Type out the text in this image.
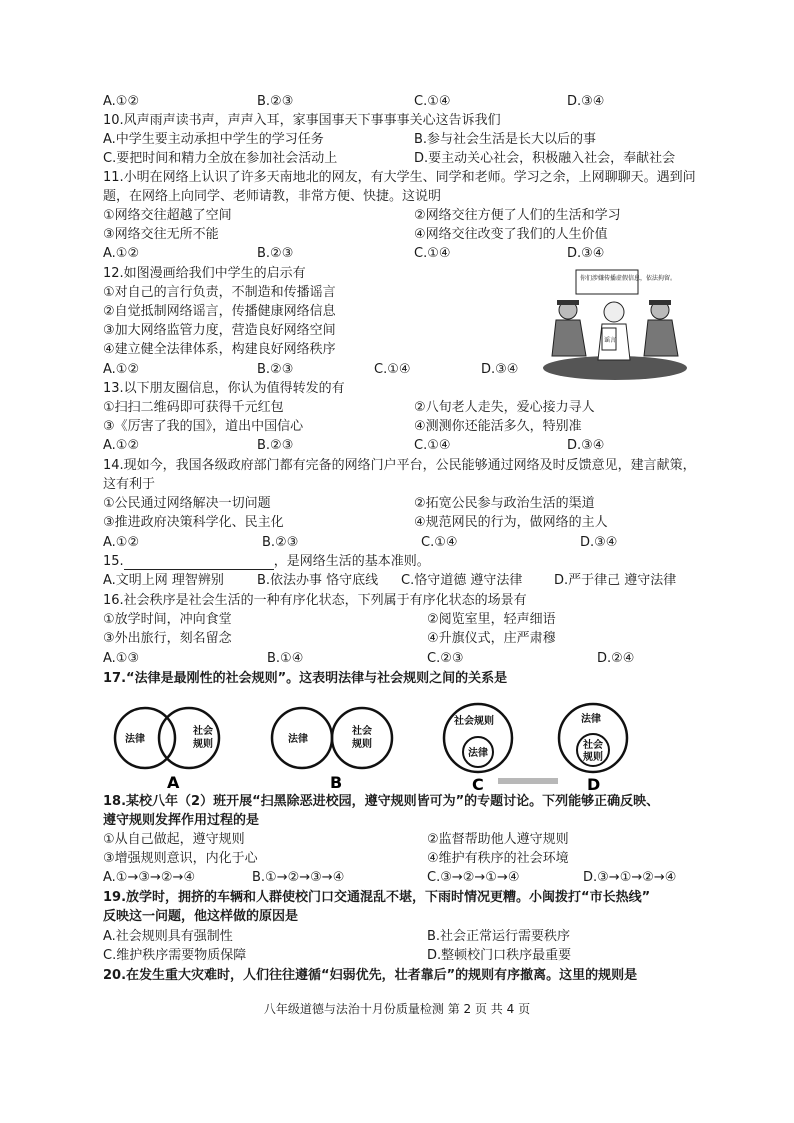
A.①②	B.②③	C.①④	D.③④
10.风声雨声读书声，声声入耳，家事国事天下事事事关心这告诉我们
A.中学生要主动承担中学生的学习任务	B.参与社会生活是长大以后的事
C.要把时间和精力全放在参加社会活动上	D.要主动关心社会，积极融入社会，奉献社会
11.小明在网络上认识了许多天南地北的网友，有大学生、同学和老师。学习之余，上网聊聊天。遇到问
题，在网络上向同学、老师请教，非常方便、快捷。这说明
①网络交往超越了空间	②网络交往方便了人们的生活和学习
③网络交往无所不能	④网络交往改变了我们的人生价值
A.①②	B.②③	C.①④	D.③④
12.如图漫画给我们中学生的启示有
①对自己的言行负责，不制造和传播谣言
②自觉抵制网络谣言，传播健康网络信息
③加大网络监管力度，营造良好网络空间
④建立健全法律体系，构建良好网络秩序
A.①②	B.②③	C.①④	D.③④
你们涉嫌传播虚假信息，依法拘留。
谣言
13.以下朋友圈信息，你认为值得转发的有
①扫扫二维码即可获得千元红包	②八旬老人走失，爱心接力寻人
③《厉害了我的国》，道出中国信心	④测测你还能活多久，特别准
A.①②	B.②③	C.①④	D.③④
14.现如今，我国各级政府部门都有完备的网络门户平台，公民能够通过网络及时反馈意见，建言献策，
这有利于
①公民通过网络解决一切问题	②拓宽公民参与政治生活的渠道
③推进政府决策科学化、民主化	④规范网民的行为，做网络的主人
A.①②	B.②③	C.①④	D.③④
15.	，是网络生活的基本准则。
A.文明上网 理智辨别	B.依法办事 恪守底线 C.恪守道德 遵守法律 D.严于律己 遵守法律
16.社会秩序是社会生活的一种有序化状态，下列属于有序化状态的场景有
①放学时间，冲向食堂	②阅览室里，轻声细语
③外出旅行，刻名留念	④升旗仪式，庄严肃穆
A.①③	B.①④	C.②③	D.②④
17.“法律是最刚性的社会规则”。这表明法律与社会规则之间的关系是
法律
社会
规则
A
法律
社会
规则
B
社会规则
法律
C
法律
社会
规则
D
18.某校八年（2）班开展“扫黑除恶进校园，遵守规则皆可为”的专题讨论。下列能够正确反映、
遵守规则发挥作用过程的是
①从自己做起，遵守规则	②监督帮助他人遵守规则
③增强规则意识，内化于心	④维护有秩序的社会环境
A.①→③→②→④	B.①→②→③→④	C.③→②→①→④	D.③→①→②→④
19.放学时，拥挤的车辆和人群使校门口交通混乱不堪，下雨时情况更糟。小闽拨打“市长热线”
反映这一问题，他这样做的原因是
A.社会规则具有强制性	B.社会正常运行需要秩序
C.维护秩序需要物质保障	D.整顿校门口秩序最重要
20.在发生重大灾难时，人们往往遵循“妇弱优先，壮者靠后”的规则有序撤离。这里的规则是
八年级道德与法治十月份质量检测 第 2 页 共 4 页
